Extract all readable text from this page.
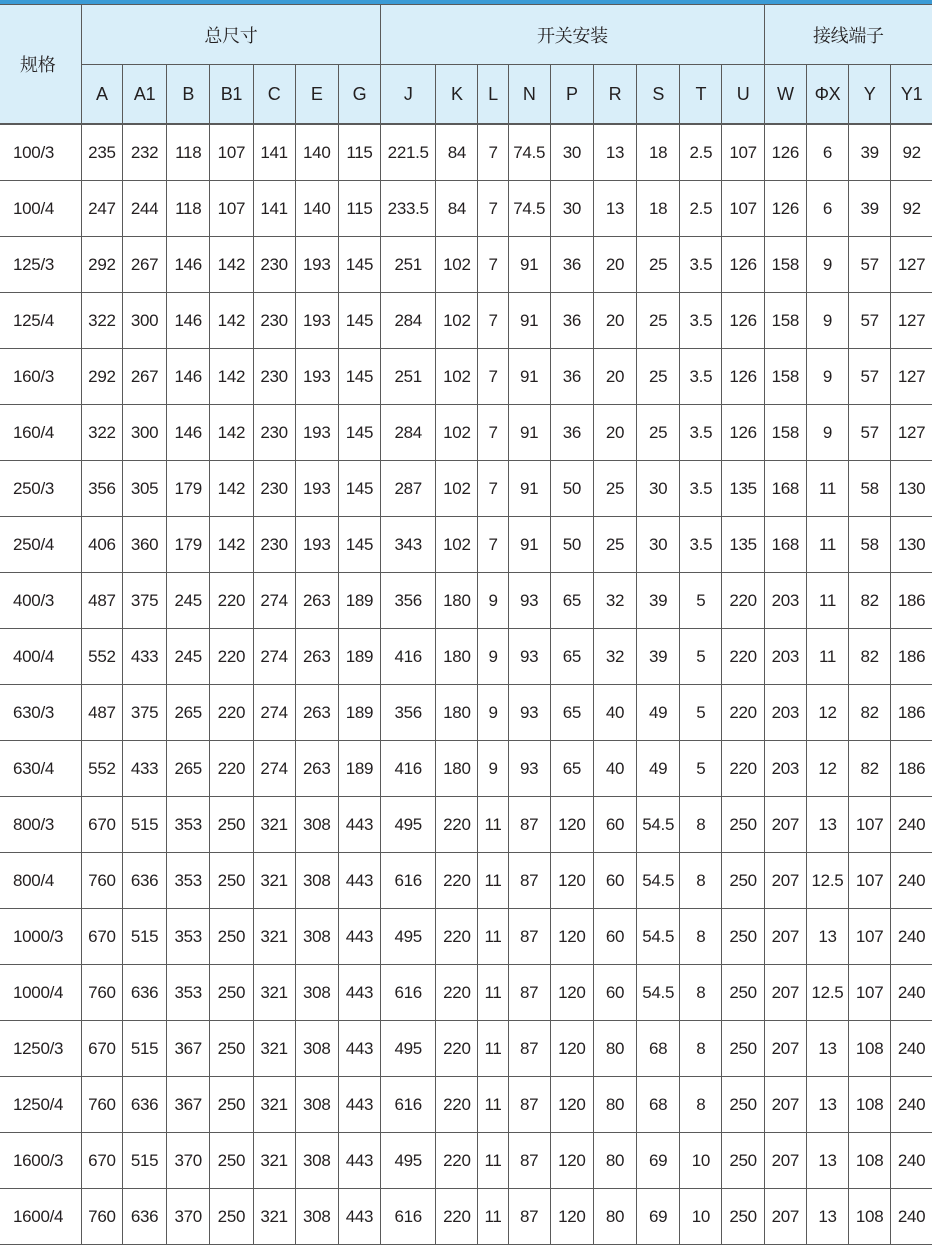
规格	总尺寸							开关安装									接线端子			
	A	A1	B	B1	C	E	G	J	K	L	N	P	R	S	T	U	W	ΦX	Y	Y1
100/3	235	232	118	107	141	140	115	221.5	84	7	74.5	30	13	18	2.5	107	126	6	39	92
100/4	247	244	118	107	141	140	115	233.5	84	7	74.5	30	13	18	2.5	107	126	6	39	92
125/3	292	267	146	142	230	193	145	251	102	7	91	36	20	25	3.5	126	158	9	57	127
125/4	322	300	146	142	230	193	145	284	102	7	91	36	20	25	3.5	126	158	9	57	127
160/3	292	267	146	142	230	193	145	251	102	7	91	36	20	25	3.5	126	158	9	57	127
160/4	322	300	146	142	230	193	145	284	102	7	91	36	20	25	3.5	126	158	9	57	127
250/3	356	305	179	142	230	193	145	287	102	7	91	50	25	30	3.5	135	168	11	58	130
250/4	406	360	179	142	230	193	145	343	102	7	91	50	25	30	3.5	135	168	11	58	130
400/3	487	375	245	220	274	263	189	356	180	9	93	65	32	39	5	220	203	11	82	186
400/4	552	433	245	220	274	263	189	416	180	9	93	65	32	39	5	220	203	11	82	186
630/3	487	375	265	220	274	263	189	356	180	9	93	65	40	49	5	220	203	12	82	186
630/4	552	433	265	220	274	263	189	416	180	9	93	65	40	49	5	220	203	12	82	186
800/3	670	515	353	250	321	308	443	495	220	11	87	120	60	54.5	8	250	207	13	107	240
800/4	760	636	353	250	321	308	443	616	220	11	87	120	60	54.5	8	250	207	12.5	107	240
1000/3	670	515	353	250	321	308	443	495	220	11	87	120	60	54.5	8	250	207	13	107	240
1000/4	760	636	353	250	321	308	443	616	220	11	87	120	60	54.5	8	250	207	12.5	107	240
1250/3	670	515	367	250	321	308	443	495	220	11	87	120	80	68	8	250	207	13	108	240
1250/4	760	636	367	250	321	308	443	616	220	11	87	120	80	68	8	250	207	13	108	240
1600/3	670	515	370	250	321	308	443	495	220	11	87	120	80	69	10	250	207	13	108	240
1600/4	760	636	370	250	321	308	443	616	220	11	87	120	80	69	10	250	207	13	108	240
